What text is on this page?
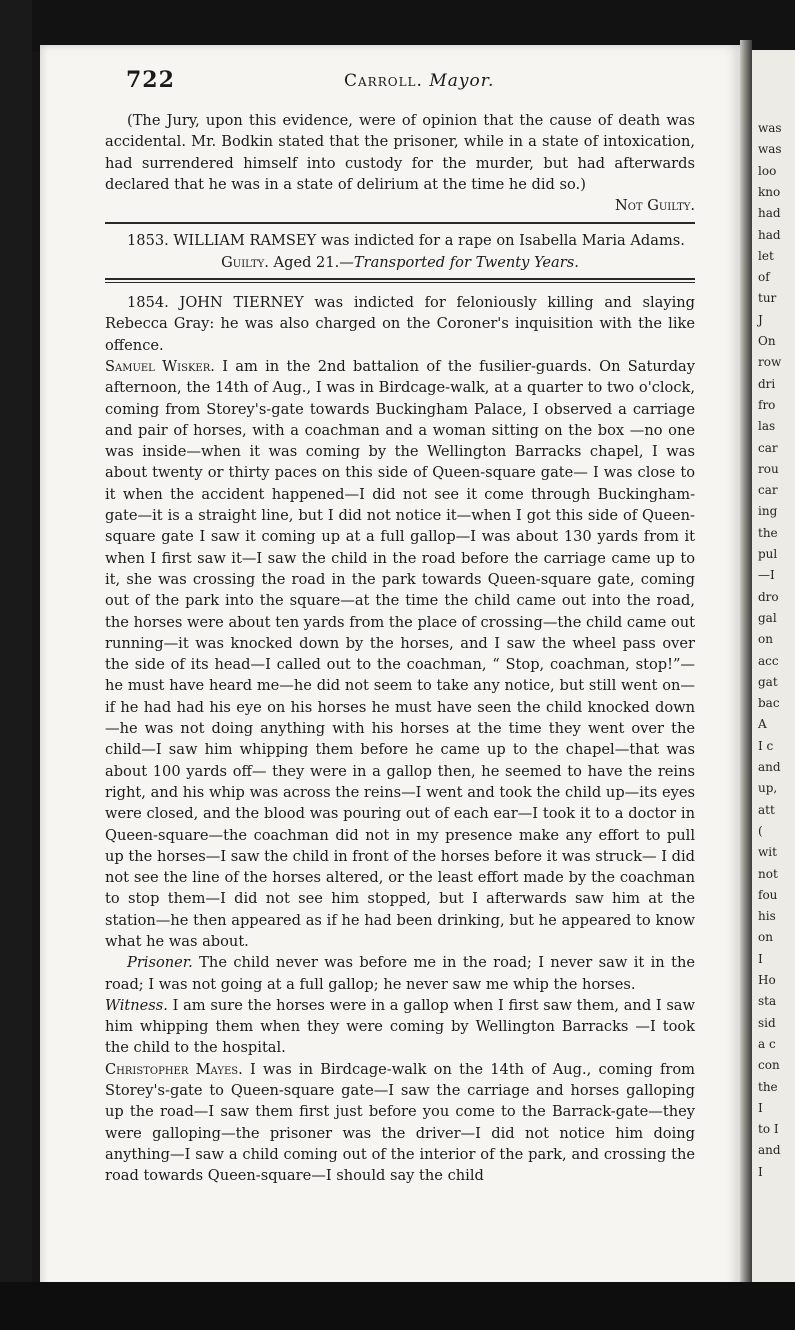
was
was
loo
kno
had
had
let
of
tur
J
On
row
dri
fro
las
car
rou
car
ing
the
pul
—I
dro
gal
on
acc
gat
bac
A
I c
and
up,
att
(
wit
not
fou
his
on
I
Ho
sta
sid
a c
con
the
I
to I
and
I
722	Carroll. Mayor.

(The Jury, upon this evidence, were of opinion that the cause of death was accidental. Mr. Bodkin stated that the prisoner, while in a state of intoxication, had surrendered himself into custody for the murder, but had afterwards declared that he was in a state of delirium at the time he did so.)

Not Guilty.

1853. WILLIAM RAMSEY was indicted for a rape on Isabella Maria Adams.

Guilty. Aged 21.—Transported for Twenty Years.

1854. JOHN TIERNEY was indicted for feloniously killing and slaying Rebecca Gray: he was also charged on the Coroner's inquisition with the like offence.

Samuel Wisker. I am in the 2nd battalion of the fusilier-guards. On Saturday afternoon, the 14th of Aug., I was in Birdcage-walk, at a quarter to two o'clock, coming from Storey's-gate towards Buckingham Palace, I observed a carriage and pair of horses, with a coachman and a woman sitting on the box —no one was inside—when it was coming by the Wellington Barracks chapel, I was about twenty or thirty paces on this side of Queen-square gate— I was close to it when the accident happened—I did not see it come through Buckingham-gate—it is a straight line, but I did not notice it—when I got this side of Queen-square gate I saw it coming up at a full gallop—I was about 130 yards from it when I first saw it—I saw the child in the road before the carriage came up to it, she was crossing the road in the park towards Queen-square gate, coming out of the park into the square—at the time the child came out into the road, the horses were about ten yards from the place of crossing—the child came out running—it was knocked down by the horses, and I saw the wheel pass over the side of its head—I called out to the coachman, “ Stop, coachman, stop!”—he must have heard me—he did not seem to take any notice, but still went on—if he had had his eye on his horses he must have seen the child knocked down—he was not doing anything with his horses at the time they went over the child—I saw him whipping them before he came up to the chapel—that was about 100 yards off— they were in a gallop then, he seemed to have the reins right, and his whip was across the reins—I went and took the child up—its eyes were closed, and the blood was pouring out of each ear—I took it to a doctor in Queen-square—the coachman did not in my presence make any effort to pull up the horses—I saw the child in front of the horses before it was struck— I did not see the line of the horses altered, or the least effort made by the coachman to stop them—I did not see him stopped, but I afterwards saw him at the station—he then appeared as if he had been drinking, but he appeared to know what he was about.

Prisoner. The child never was before me in the road; I never saw it in the road; I was not going at a full gallop; he never saw me whip the horses.

Witness. I am sure the horses were in a gallop when I first saw them, and I saw him whipping them when they were coming by Wellington Barracks —I took the child to the hospital.

Christopher Mayes. I was in Birdcage-walk on the 14th of Aug., coming from Storey's-gate to Queen-square gate—I saw the carriage and horses galloping up the road—I saw them first just before you come to the Barrack-gate—they were galloping—the prisoner was the driver—I did not notice him doing anything—I saw a child coming out of the interior of the park, and crossing the road towards Queen-square—I should say the child
